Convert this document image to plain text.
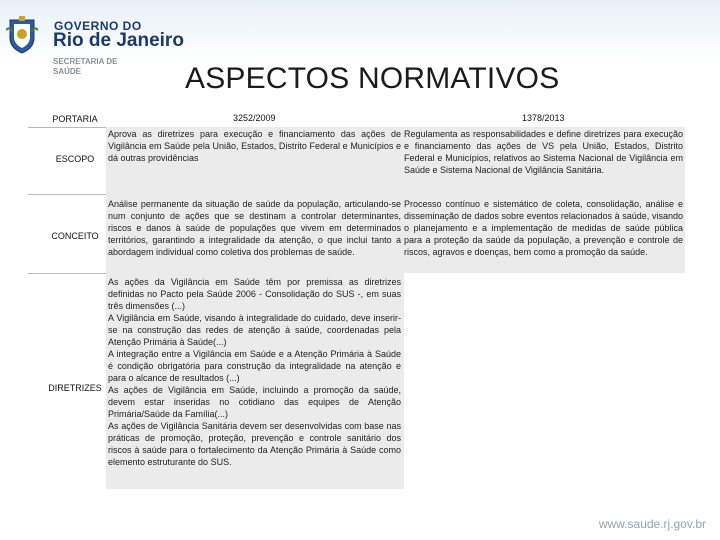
GOVERNO DO
Rio de Janeiro
SECRETARIA DE
SAÚDE	ASPECTOS NORMATIVOS
PORTARIA
ESCOPO
CONCEITO
DIRETRIZES
3252/2009	1378/2013
Aprova as diretrizes para execução e financiamento das ações de Vigilância em Saúde pela União, Estados, Distrito Federal e Municípios e dá outras providências
Regulamenta as responsabilidades e define diretrizes para execução e financiamento das ações de VS pela União, Estados, Distrito Federal e Municípios, relativos ao Sistema Nacional de Vigilância em Saúde e Sistema Nacional de Vigilância Sanitária.
Análise permanente da situação de saúde da população, articulando-se num conjunto de ações que se destinam a controlar determinantes, riscos e danos à saúde de populações que vivem em determinados territórios, garantindo a integralidade da atenção, o que inclui tanto a abordagem individual como coletiva dos problemas de saúde.
Processo contínuo e sistemático de coleta, consolidação, análise e disseminação de dados sobre eventos relacionados à saúde, visando o planejamento e a implementação de medidas de saúde pública para a proteção da saúde da população, a prevenção e controle de riscos, agravos e doenças, bem como a promoção da saúde.

As ações da Vigilância em Saúde têm por premissa as diretrizes definidas no Pacto pela Saúde 2006 - Consolidação do SUS -, em suas três dimensões (...)

A Vigilância em Saúde, visando à integralidade do cuidado, deve inserir-se na construção das redes de atenção à saúde, coordenadas pela Atenção Primária à Saúde(...)

A integração entre a Vigilância em Saúde e a Atenção Primária à Saúde é condição obrigatória para construção da integralidade na atenção e para o alcance de resultados (...)

As ações de Vigilância em Saúde, incluindo a promoção da saúde, devem estar inseridas no cotidiano das equipes de Atenção Primária/Saúde da Família(...)

As ações de Vigilância Sanitária devem ser desenvolvidas com base nas práticas de promoção, proteção, prevenção e controle sanitário dos riscos à saúde para o fortalecimento da Atenção Primária à Saúde como elemento estruturante do SUS.

www.saude.rj.gov.br
